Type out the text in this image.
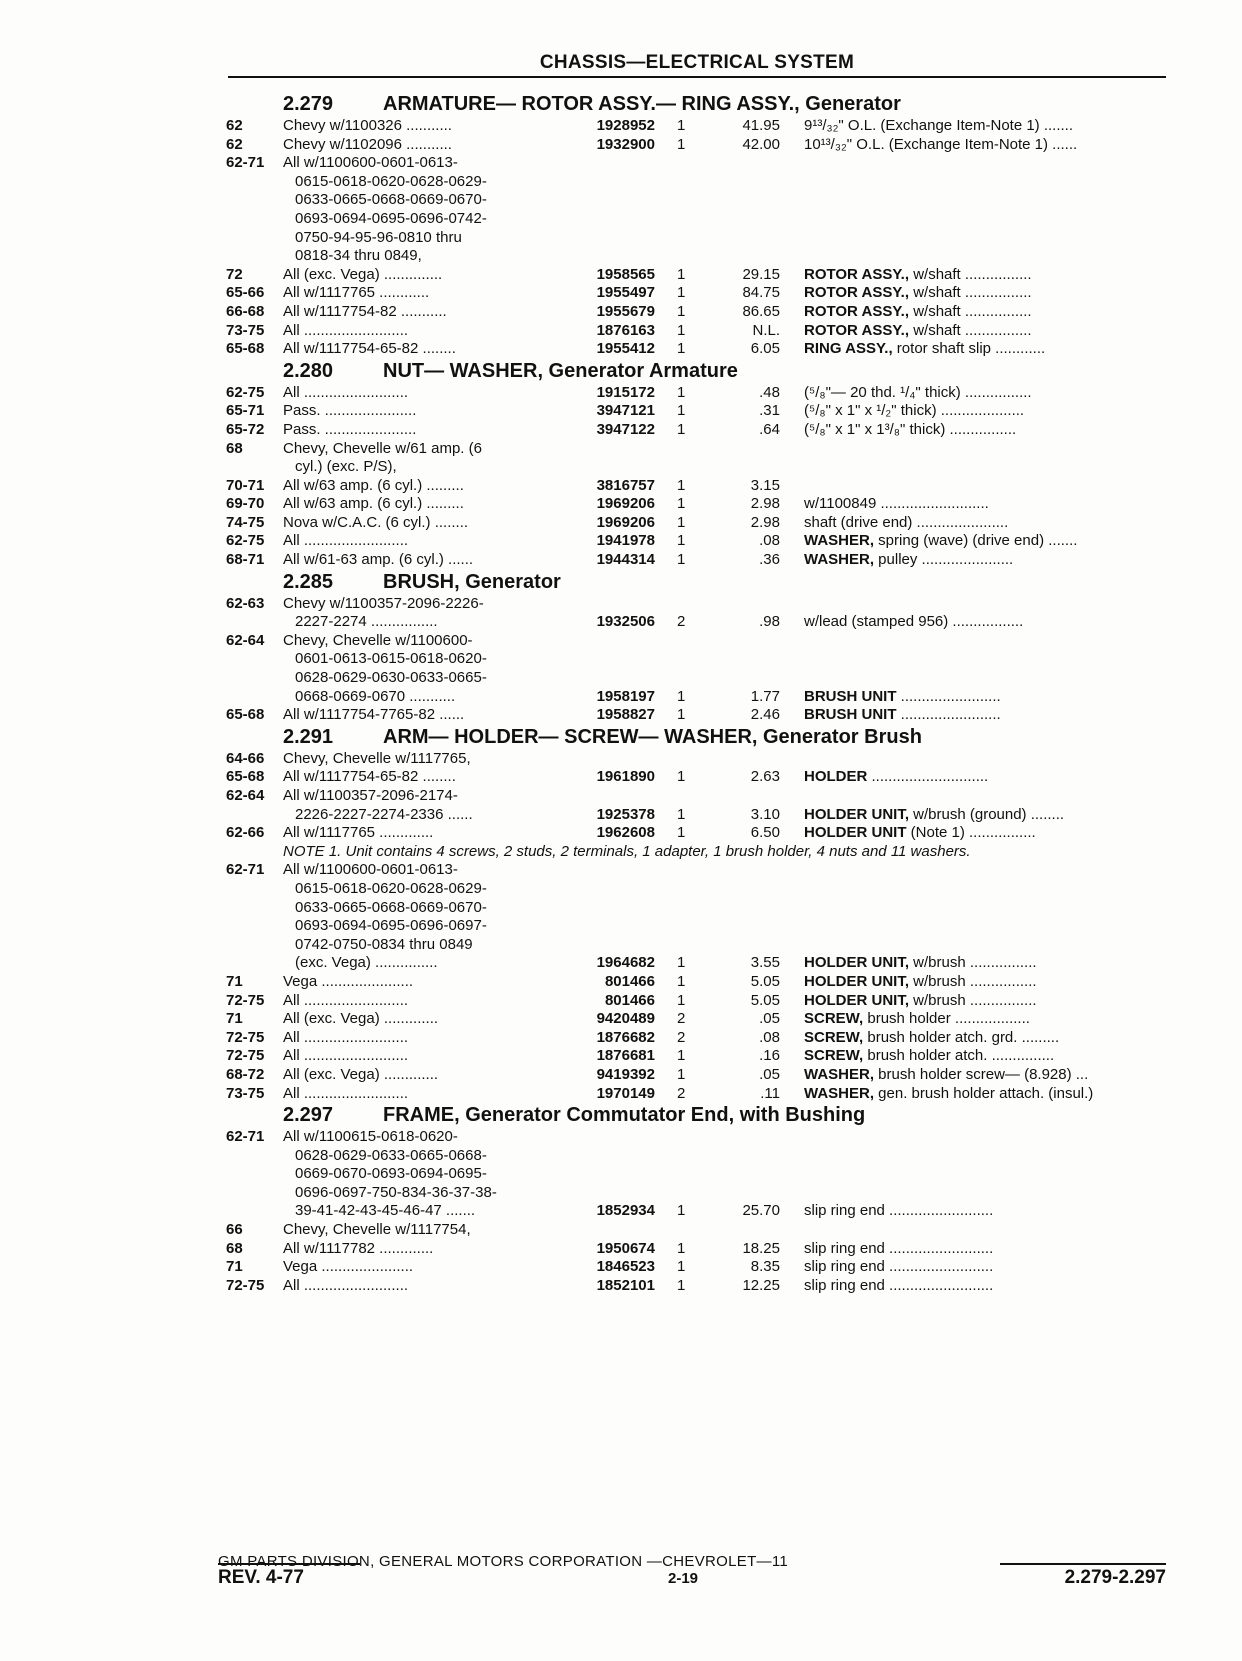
CHASSIS—ELECTRICAL SYSTEM
2.279 ARMATURE— ROTOR ASSY.— RING ASSY., Generator
62	Chevy w/1100326 ...........	1928952	1	41.95	9¹³/₃₂" O.L. (Exchange Item-Note 1) .......
62	Chevy w/1102096 ...........	1932900	1	42.00	10¹³/₃₂" O.L. (Exchange Item-Note 1) ......
62-71	All w/1100600-0601-0613-
0615-0618-0620-0628-0629-
0633-0665-0668-0669-0670-
0693-0694-0695-0696-0742-
0750-94-95-96-0810 thru
0818-34 thru 0849,
72	All (exc. Vega) ..............	1958565	1	29.15	ROTOR ASSY., w/shaft ................
65-66	All w/1117765 ............	1955497	1	84.75	ROTOR ASSY., w/shaft ................
66-68	All w/1117754-82 ...........	1955679	1	86.65	ROTOR ASSY., w/shaft ................
73-75	All .........................	1876163	1	N.L.	ROTOR ASSY., w/shaft ................
65-68	All w/1117754-65-82 ........	1955412	1	6.05	RING ASSY., rotor shaft slip ............
2.280 NUT— WASHER, Generator Armature
62-75	All .........................	1915172	1	.48	(⁵/₈"— 20 thd. ¹/₄" thick) ................
65-71	Pass. ......................	3947121	1	.31	(⁵/₈" x 1" x ¹/₂" thick) ....................
65-72	Pass. ......................	3947122	1	.64	(⁵/₈" x 1" x 1³/₈" thick) ................
68	Chevy, Chevelle w/61 amp. (6
cyl.) (exc. P/S),
70-71	All w/63 amp. (6 cyl.) .........	3816757	1	3.15
69-70	All w/63 amp. (6 cyl.) .........	1969206	1	2.98	w/1100849 ..........................
74-75	Nova w/C.A.C. (6 cyl.) ........	1969206	1	2.98	shaft (drive end) ......................
62-75	All .........................	1941978	1	.08	WASHER, spring (wave) (drive end) .......
68-71	All w/61-63 amp. (6 cyl.) ......	1944314	1	.36	WASHER, pulley ......................
2.285 BRUSH, Generator
62-63	Chevy w/1100357-2096-2226-
2227-2274 ................	1932506	2	.98	w/lead (stamped 956) .................
62-64	Chevy, Chevelle w/1100600-
0601-0613-0615-0618-0620-
0628-0629-0630-0633-0665-
0668-0669-0670 ...........	1958197	1	1.77	BRUSH UNIT ........................
65-68	All w/1117754-7765-82 ......	1958827	1	2.46	BRUSH UNIT ........................
2.291 ARM— HOLDER— SCREW— WASHER, Generator Brush
64-66	Chevy, Chevelle w/1117765,
65-68	All w/1117754-65-82 ........	1961890	1	2.63	HOLDER ............................
62-64	All w/1100357-2096-2174-
2226-2227-2274-2336 ......	1925378	1	3.10	HOLDER UNIT, w/brush (ground) ........
62-66	All w/1117765 .............	1962608	1	6.50	HOLDER UNIT (Note 1) ................
NOTE 1. Unit contains 4 screws, 2 studs, 2 terminals, 1 adapter, 1 brush holder, 4 nuts and 11 washers.
62-71	All w/1100600-0601-0613-
0615-0618-0620-0628-0629-
0633-0665-0668-0669-0670-
0693-0694-0695-0696-0697-
0742-0750-0834 thru 0849
(exc. Vega) ...............	1964682	1	3.55	HOLDER UNIT, w/brush ................
71	Vega ......................	801466	1	5.05	HOLDER UNIT, w/brush ................
72-75	All .........................	801466	1	5.05	HOLDER UNIT, w/brush ................
71	All (exc. Vega) .............	9420489	2	.05	SCREW, brush holder ..................
72-75	All .........................	1876682	2	.08	SCREW, brush holder atch. grd. .........
72-75	All .........................	1876681	1	.16	SCREW, brush holder atch. ...............
68-72	All (exc. Vega) .............	9419392	1	.05	WASHER, brush holder screw— (8.928) ...
73-75	All .........................	1970149	2	.11	WASHER, gen. brush holder attach. (insul.)
2.297 FRAME, Generator Commutator End, with Bushing
62-71	All w/1100615-0618-0620-
0628-0629-0633-0665-0668-
0669-0670-0693-0694-0695-
0696-0697-750-834-36-37-38-
39-41-42-43-45-46-47 .......	1852934	1	25.70	slip ring end .........................
66	Chevy, Chevelle w/1117754,
68	All w/1117782 .............	1950674	1	18.25	slip ring end .........................
71	Vega ......................	1846523	1	8.35	slip ring end .........................
72-75	All .........................	1852101	1	12.25	slip ring end .........................
GM PARTS DIVISION, GENERAL MOTORS CORPORATION —CHEVROLET—11
REV. 4-77	2-19	2.279-2.297
